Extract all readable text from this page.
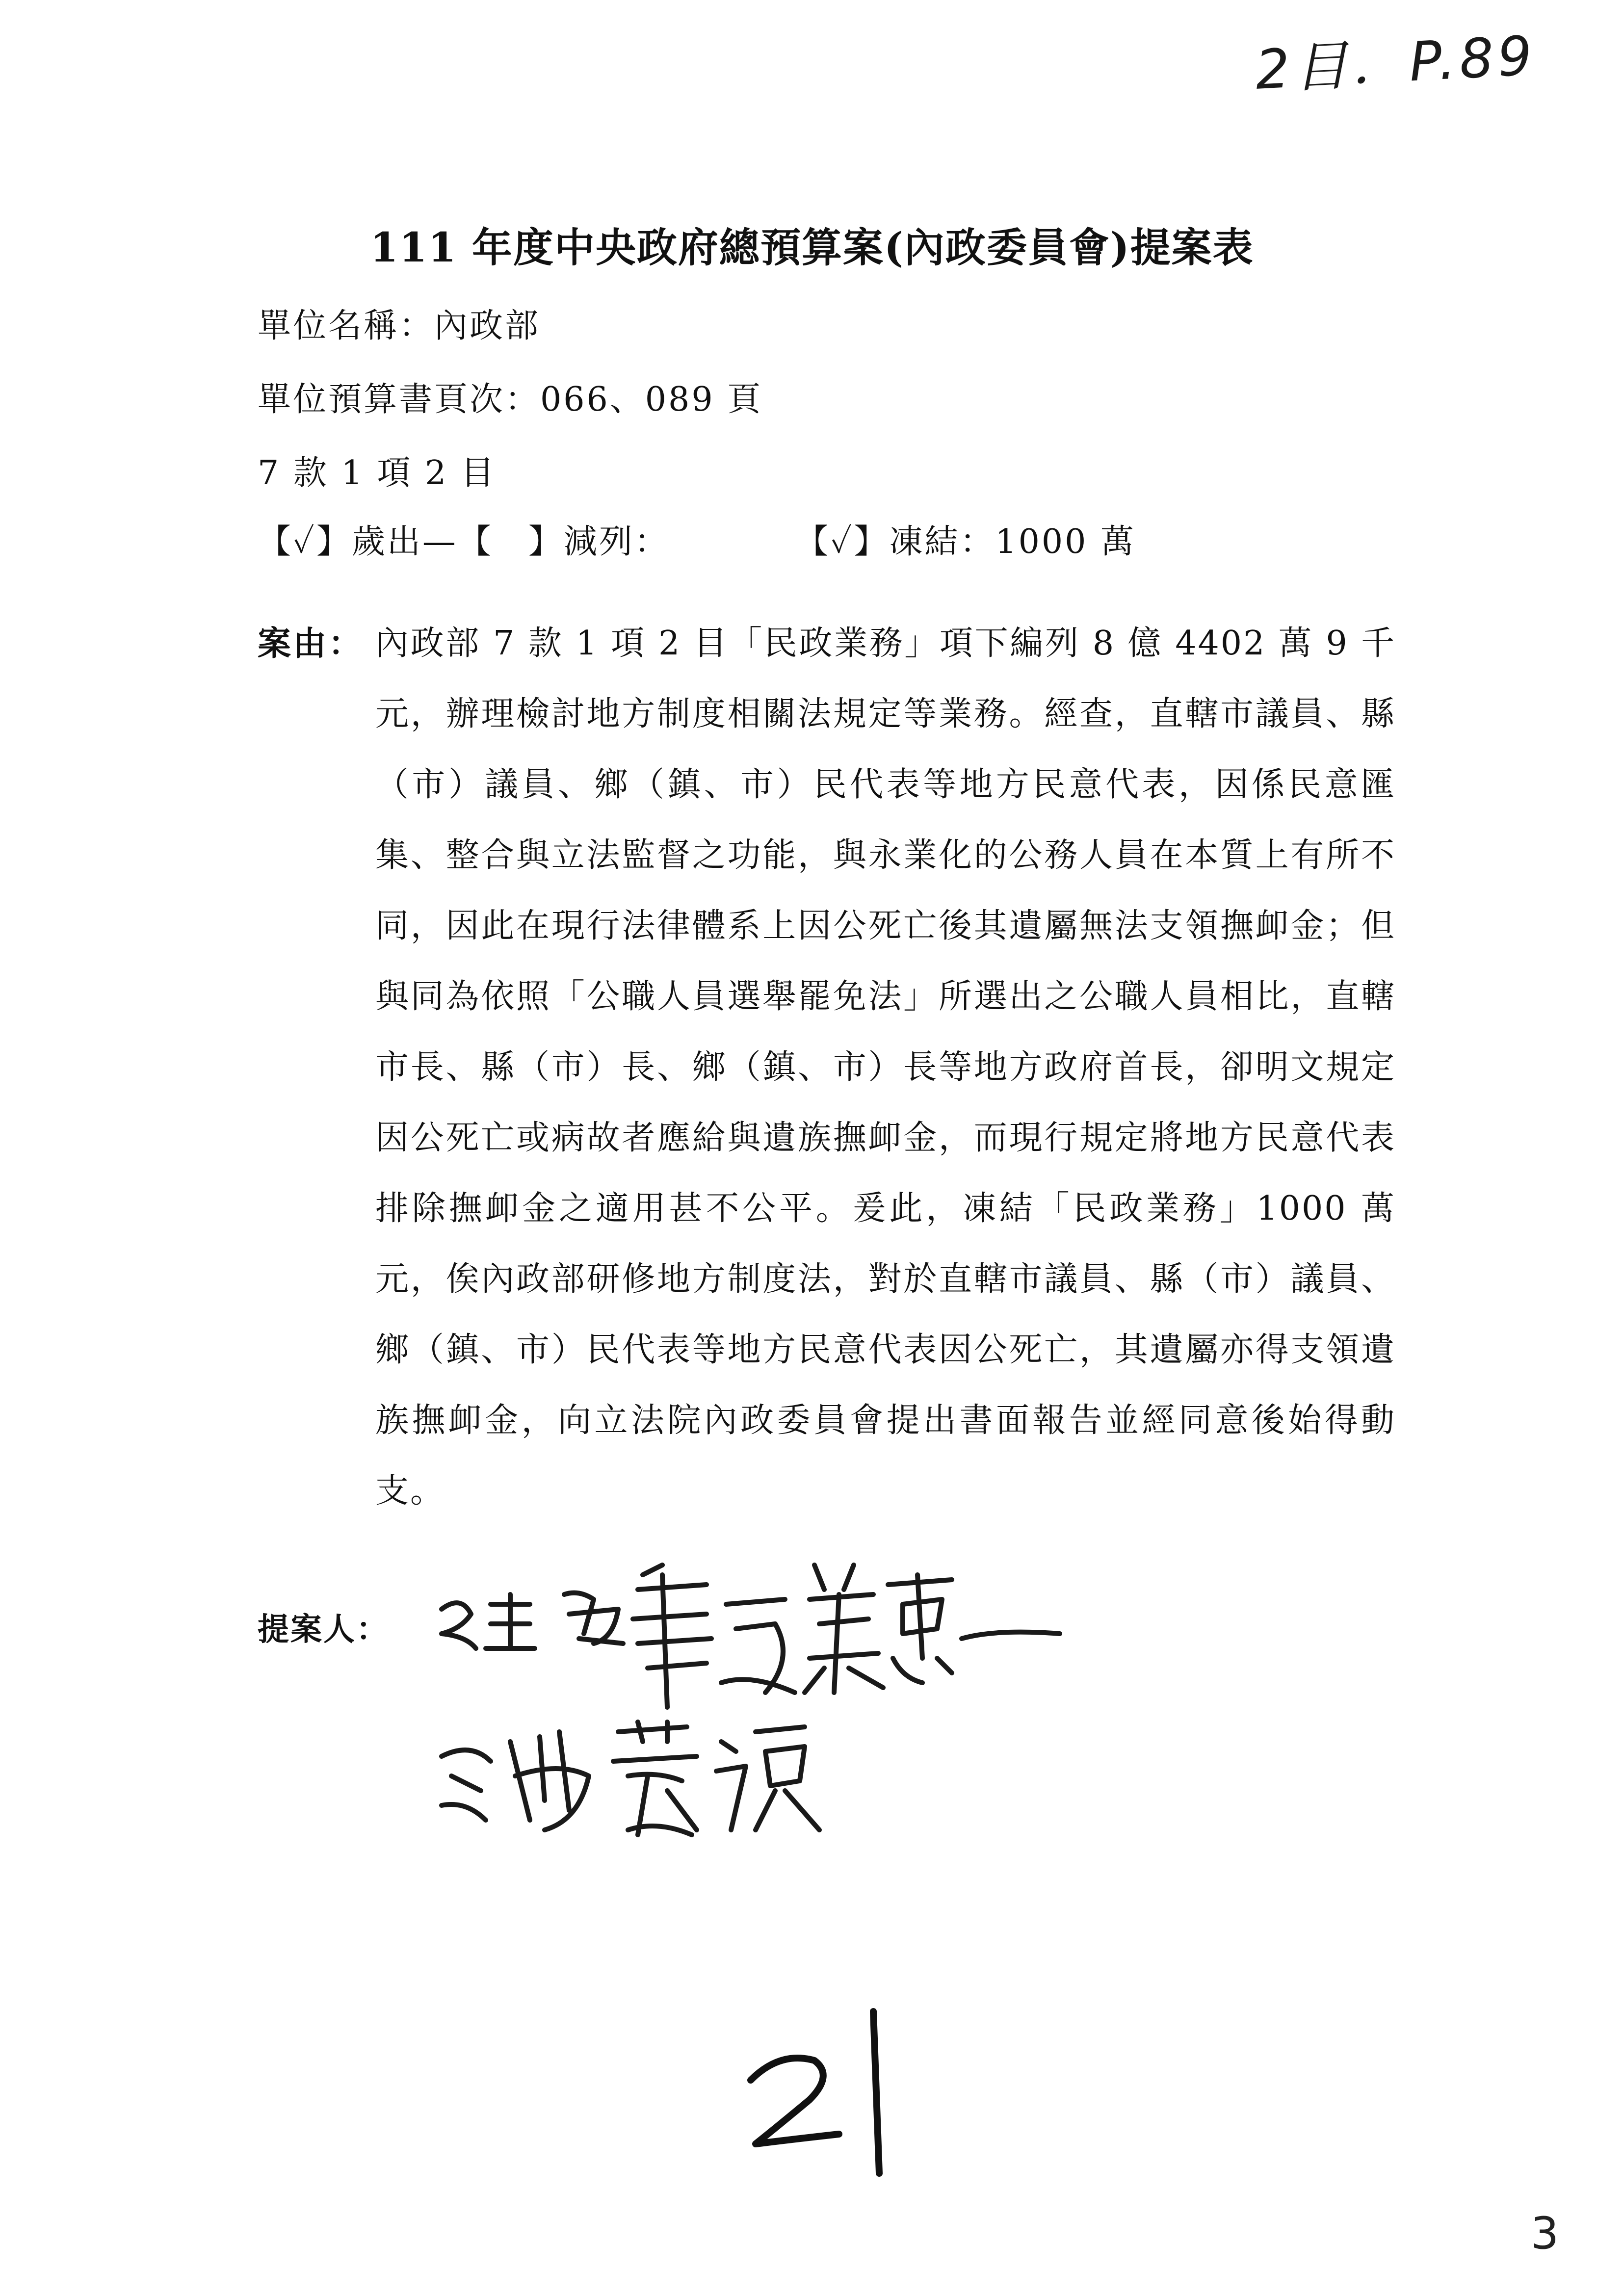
2目．P.89
111 年度中央政府總預算案(內政委員會)提案表
單位名稱：內政部
單位預算書頁次：066、089 頁
7 款 1 項 2 目
【✓】歲出—【　】減列：	【✓】凍結：1000 萬
案由： 內政部 7 款 1 項 2 目「民政業務」項下編列 8 億 4402 萬 9 千元，辦理檢討地方制度相關法規定等業務。經查，直轄市議員、縣（市）議員、鄉（鎮、市）民代表等地方民意代表，因係民意匯集、整合與立法監督之功能，與永業化的公務人員在本質上有所不同，因此在現行法律體系上因公死亡後其遺屬無法支領撫卹金；但與同為依照「公職人員選舉罷免法」所選出之公職人員相比，直轄市長、縣（市）長、鄉（鎮、市）長等地方政府首長，卻明文規定因公死亡或病故者應給與遺族撫卹金，而現行規定將地方民意代表排除撫卹金之適用甚不公平。爰此，凍結「民政業務」1000 萬元，俟內政部研修地方制度法，對於直轄市議員、縣（市）議員、鄉（鎮、市）民代表等地方民意代表因公死亡，其遺屬亦得支領遺族撫卹金，向立法院內政委員會提出書面報告並經同意後始得動支。
提案人：
3
